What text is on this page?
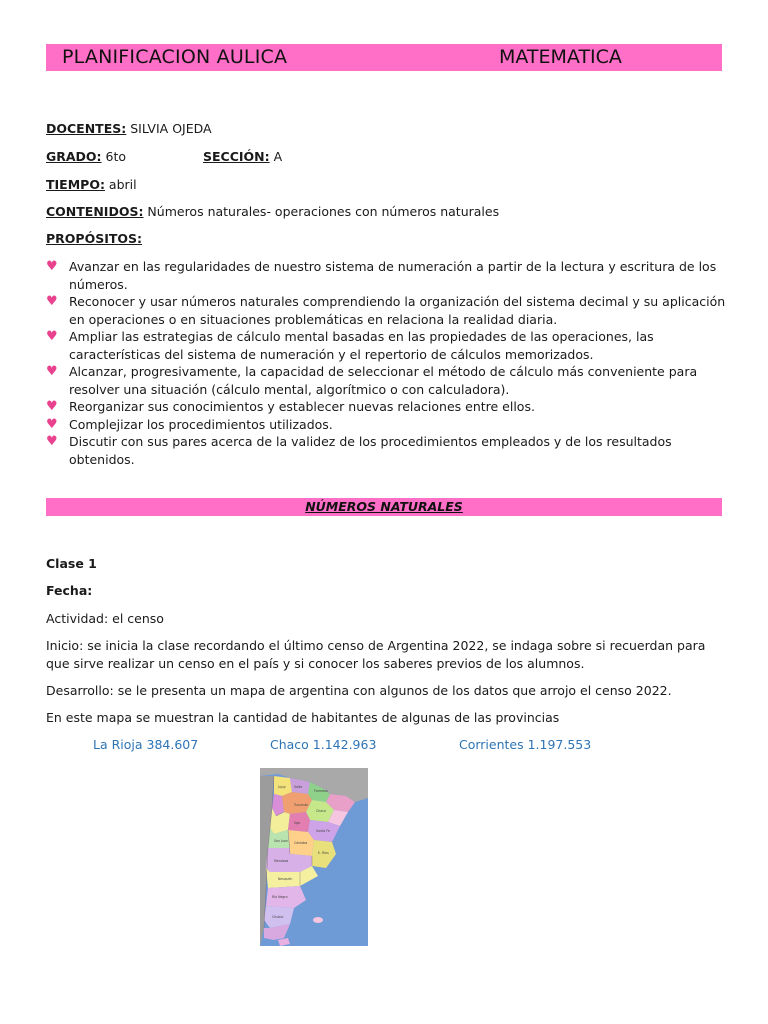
PLANIFICACION AULICA	MATEMATICA
DOCENTES: SILVIA OJEDA
GRADO: 6to	SECCIÓN: A
TIEMPO: abril
CONTENIDOS: Números naturales- operaciones con números naturales
PROPÓSITOS:
♥ Avanzar en las regularidades de nuestro sistema de numeración a partir de la lectura y escritura de los números.
♥ Reconocer y usar números naturales comprendiendo la organización del sistema decimal y su aplicación en operaciones o en situaciones problemáticas en relaciona la realidad diaria.
♥ Ampliar las estrategias de cálculo mental basadas en las propiedades de las operaciones, las características del sistema de numeración y el repertorio de cálculos memorizados.
♥ Alcanzar, progresivamente, la capacidad de seleccionar el método de cálculo más conveniente para resolver una situación (cálculo mental, algorítmico o con calculadora).
♥ Reorganizar sus conocimientos y establecer nuevas relaciones entre ellos.
♥ Complejizar los procedimientos utilizados.
♥ Discutir con sus pares acerca de la validez de los procedimientos empleados y de los resultados obtenidos.
NÚMEROS NATURALES
Clase 1
Fecha:
Actividad: el censo
Inicio: se inicia la clase recordando el último censo de Argentina 2022, se indaga sobre si recuerdan para que sirve realizar un censo en el país y si conocer los saberes previos de los alumnos.
Desarrollo: se le presenta un mapa de argentina con algunos de los datos que arrojo el censo 2022.
En este mapa se muestran la cantidad de habitantes de algunas de las provincias
La Rioja 384.607	Chaco 1.142.963	Corrientes 1.197.553
Jujuy	Salta
Formosa
Tucumán
Chaco
Sgo
Santa Fe
San Juan Córdoba
E. Ríos
Mendoza
Neuquén
Río Negro
Chubut
